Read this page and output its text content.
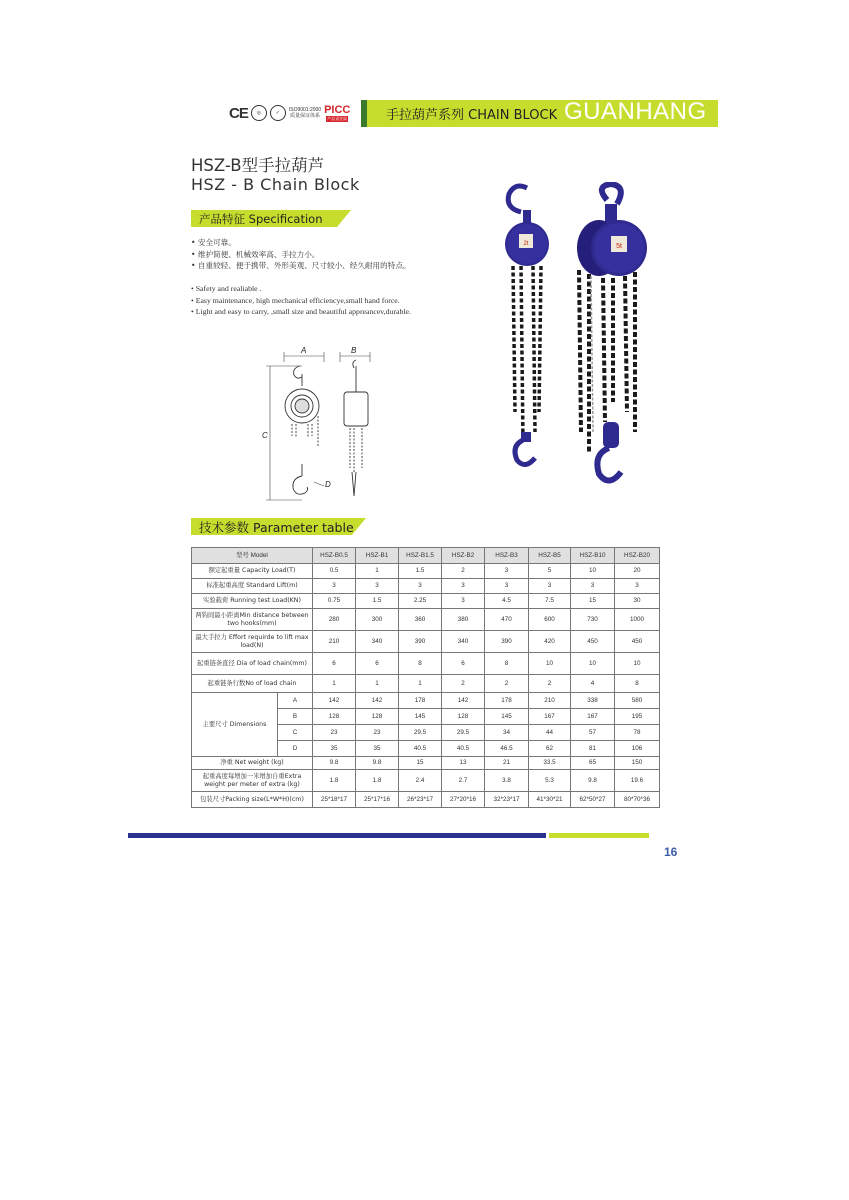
CE	◎	✓	ISO9001:2000
质量保证体系
PICC
产品责任险	手拉葫芦系列 CHAIN BLOCK GUANHANG
HSZ-B型手拉葫芦
HSZ - B Chain Block
产品特征 Specification
• 安全可靠。
• 维护简便、机械效率高、手拉力小。
• 自重较轻、便于携带、外形美观、尺寸较小、经久耐用的特点。
• Safety and realiable .
• Easy maintenance, high mechanical efficiencye,small hand force.
• Light and easy to carry, ,small size and beautiful appreancev,durable.
A	B
C
D
2t	5t
技术参数 Parameter table
型号 Model		HSZ-B0.5	HSZ-B1	HSZ-B1.5	HSZ-B2	HSZ-B3	HSZ-B5	HSZ-B10	HSZ-B20
额定起重量 Capacity Load(T)		0.5	1	1.5	2	3	5	10	20
标准起重高度 Standard Lift(m)		3	3	3	3	3	3	3	3
实验载荷 Running test Load(KN)		0.75	1.5	2.25	3	4.5	7.5	15	30
两钩间最小距离Min distance between two hooks(mm)		280	300	360	380	470	600	730	1000
最大手拉力 Effort requirde to lift max load(N)		210	340	390	340	390	420	450	450
起重链条直径 Dia of load chain(mm)		6	6	8	6	8	10	10	10
起重链条行数No of load chain		1	1	1	2	2	2	4	8
主要尺寸 Dimensions	A	142	142	178	142	178	210	338	580
	B	128	128	145	128	145	167	167	195
	C	23	23	29.5	29.5	34	44	57	78
	D	35	35	40.5	40.5	46.5	62	81	106
净重 Net weight (kg)		9.8	9.8	15	13	21	33.5	65	150
起重高度每增加一米增加自重Extra weight per meter of extra (kg)		1.8	1.8	2.4	2.7	3.8	5.3	9.8	19.6
包装尺寸Packing size(L*W*H)(cm)		25*18*17	25*17*16	26*23*17	27*20*16	32*23*17	41*30*21	62*50*27	80*70*36
16
